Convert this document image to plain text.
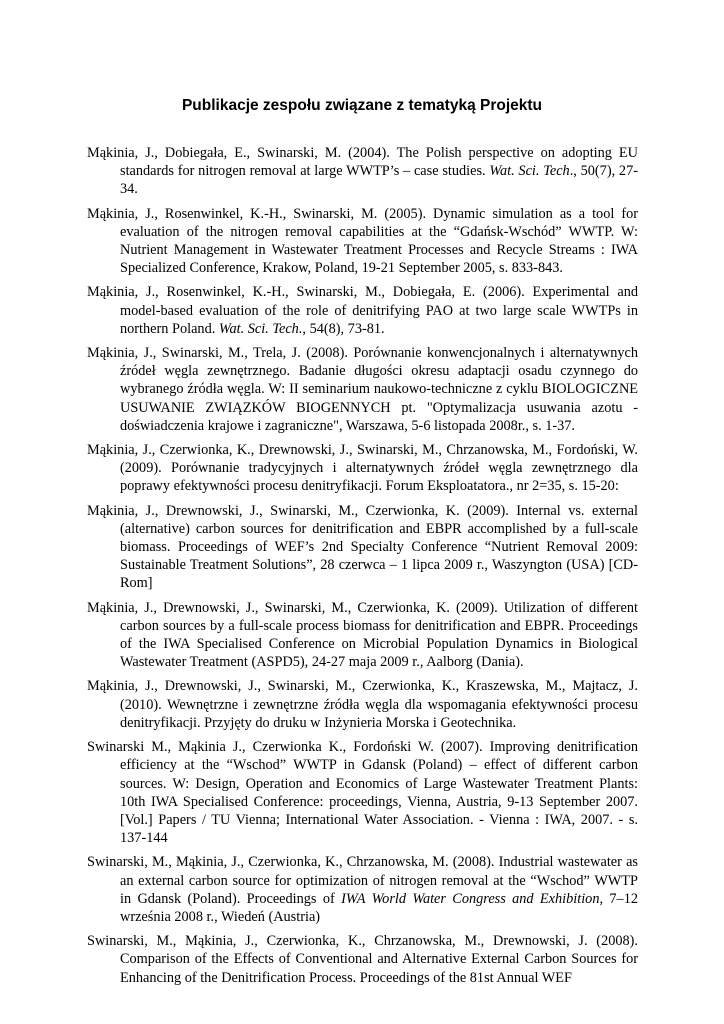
Publikacje zespołu związane z tematyką Projektu
Mąkinia, J., Dobiegała, E., Swinarski, M. (2004). The Polish perspective on adopting EU standards for nitrogen removal at large WWTP’s – case studies. Wat. Sci. Tech., 50(7), 27-34.
Mąkinia, J., Rosenwinkel, K.-H., Swinarski, M. (2005). Dynamic simulation as a tool for evaluation of the nitrogen removal capabilities at the “Gdańsk-Wschód” WWTP. W: Nutrient Management in Wastewater Treatment Processes and Recycle Streams : IWA Specialized Conference, Krakow, Poland, 19-21 September 2005, s. 833-843.
Mąkinia, J., Rosenwinkel, K.-H., Swinarski, M., Dobiegała, E. (2006). Experimental and model-based evaluation of the role of denitrifying PAO at two large scale WWTPs in northern Poland. Wat. Sci. Tech., 54(8), 73-81.
Mąkinia, J., Swinarski, M., Trela, J. (2008). Porównanie konwencjonalnych i alternatywnych źródeł węgla zewnętrznego. Badanie długości okresu adaptacji osadu czynnego do wybranego źródła węgla. W: II seminarium naukowo-techniczne z cyklu BIOLOGICZNE USUWANIE ZWIĄZKÓW BIOGENNYCH pt. "Optymalizacja usuwania azotu - doświadczenia krajowe i zagraniczne", Warszawa, 5-6 listopada 2008r., s. 1-37.
Mąkinia, J., Czerwionka, K., Drewnowski, J., Swinarski, M., Chrzanowska, M., Fordoński, W. (2009). Porównanie tradycyjnych i alternatywnych źródeł węgla zewnętrznego dla poprawy efektywności procesu denitryfikacji. Forum Eksploatatora., nr 2=35, s. 15-20:
Mąkinia, J., Drewnowski, J., Swinarski, M., Czerwionka, K. (2009). Internal vs. external (alternative) carbon sources for denitrification and EBPR accomplished by a full-scale biomass. Proceedings of WEF’s 2nd Specialty Conference “Nutrient Removal 2009: Sustainable Treatment Solutions”, 28 czerwca – 1 lipca 2009 r., Waszyngton (USA) [CD-Rom]
Mąkinia, J., Drewnowski, J., Swinarski, M., Czerwionka, K. (2009). Utilization of different carbon sources by a full-scale process biomass for denitrification and EBPR. Proceedings of the IWA Specialised Conference on Microbial Population Dynamics in Biological Wastewater Treatment (ASPD5), 24-27 maja 2009 r., Aalborg (Dania).
Mąkinia, J., Drewnowski, J., Swinarski, M., Czerwionka, K., Kraszewska, M., Majtacz, J. (2010). Wewnętrzne i zewnętrzne źródła węgla dla wspomagania efektywności procesu denitryfikacji. Przyjęty do druku w Inżynieria Morska i Geotechnika.
Swinarski M., Mąkinia J., Czerwionka K., Fordoński W. (2007). Improving denitrification efficiency at the “Wschod” WWTP in Gdansk (Poland) – effect of different carbon sources. W: Design, Operation and Economics of Large Wastewater Treatment Plants: 10th IWA Specialised Conference: proceedings, Vienna, Austria, 9-13 September 2007. [Vol.] Papers / TU Vienna; International Water Association. - Vienna : IWA, 2007. - s. 137-144
Swinarski, M., Mąkinia, J., Czerwionka, K., Chrzanowska, M. (2008). Industrial wastewater as an external carbon source for optimization of nitrogen removal at the “Wschod” WWTP in Gdansk (Poland). Proceedings of IWA World Water Congress and Exhibition, 7–12 września 2008 r., Wiedeń (Austria)
Swinarski, M., Mąkinia, J., Czerwionka, K., Chrzanowska, M., Drewnowski, J. (2008). Comparison of the Effects of Conventional and Alternative External Carbon Sources for Enhancing of the Denitrification Process. Proceedings of the 81st Annual WEF
